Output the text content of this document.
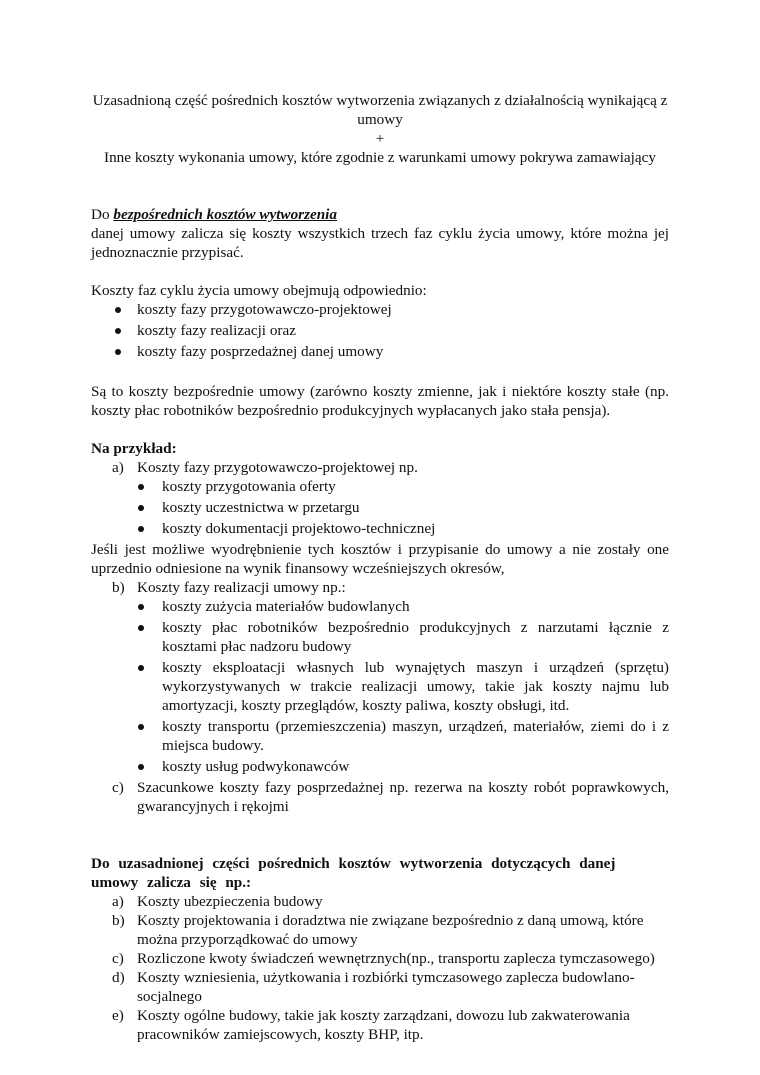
Uzasadnioną część pośrednich kosztów wytworzenia związanych z działalnością wynikającą z umowy

+

Inne koszty wykonania umowy, które zgodnie z warunkami umowy pokrywa zamawiający

Do bezpośrednich kosztów wytworzenia

danej umowy zalicza się koszty wszystkich trzech faz cyklu życia umowy, które można jej jednoznacznie przypisać.

Koszty faz cyklu życia umowy obejmują odpowiednio:

koszty fazy przygotowawczo-projektowej
koszty fazy realizacji oraz
koszty fazy posprzedażnej danej umowy

Są to koszty bezpośrednie umowy (zarówno koszty zmienne, jak i niektóre koszty stałe (np. koszty płac robotników bezpośrednio produkcyjnych wypłacanych jako stała pensja).

Na przykład:

a) Koszty fazy przygotowawczo-projektowej np.
koszty przygotowania oferty
koszty uczestnictwa w przetargu
koszty dokumentacji projektowo-technicznej

Jeśli jest możliwe wyodrębnienie tych kosztów i przypisanie do umowy a nie zostały one uprzednio odniesione na wynik finansowy wcześniejszych okresów,

b) Koszty fazy realizacji umowy np.:
koszty zużycia materiałów budowlanych
koszty płac robotników bezpośrednio produkcyjnych z narzutami łącznie z kosztami płac nadzoru budowy
koszty eksploatacji własnych lub wynajętych maszyn i urządzeń (sprzętu) wykorzystywanych w trakcie realizacji umowy, takie jak koszty najmu lub amortyzacji, koszty przeglądów, koszty paliwa, koszty obsługi, itd.
koszty transportu (przemieszczenia) maszyn, urządzeń, materiałów, ziemi do i z miejsca budowy.
koszty usług podwykonawców
c) Szacunkowe koszty fazy posprzedażnej np. rezerwa na koszty robót poprawkowych, gwarancyjnych i rękojmi

Do uzasadnionej części pośrednich kosztów wytworzenia dotyczących danej umowy zalicza się np.:

a) Koszty ubezpieczenia budowy
b) Koszty projektowania i doradztwa nie związane bezpośrednio z daną umową, które można przyporządkować do umowy
c) Rozliczone kwoty świadczeń wewnętrznych(np., transportu zaplecza tymczasowego)
d) Koszty wzniesienia, użytkowania i rozbiórki tymczasowego zaplecza budowlano-socjalnego
e) Koszty ogólne budowy, takie jak koszty zarządzani, dowozu lub zakwaterowania pracowników zamiejscowych, koszty BHP, itp.
